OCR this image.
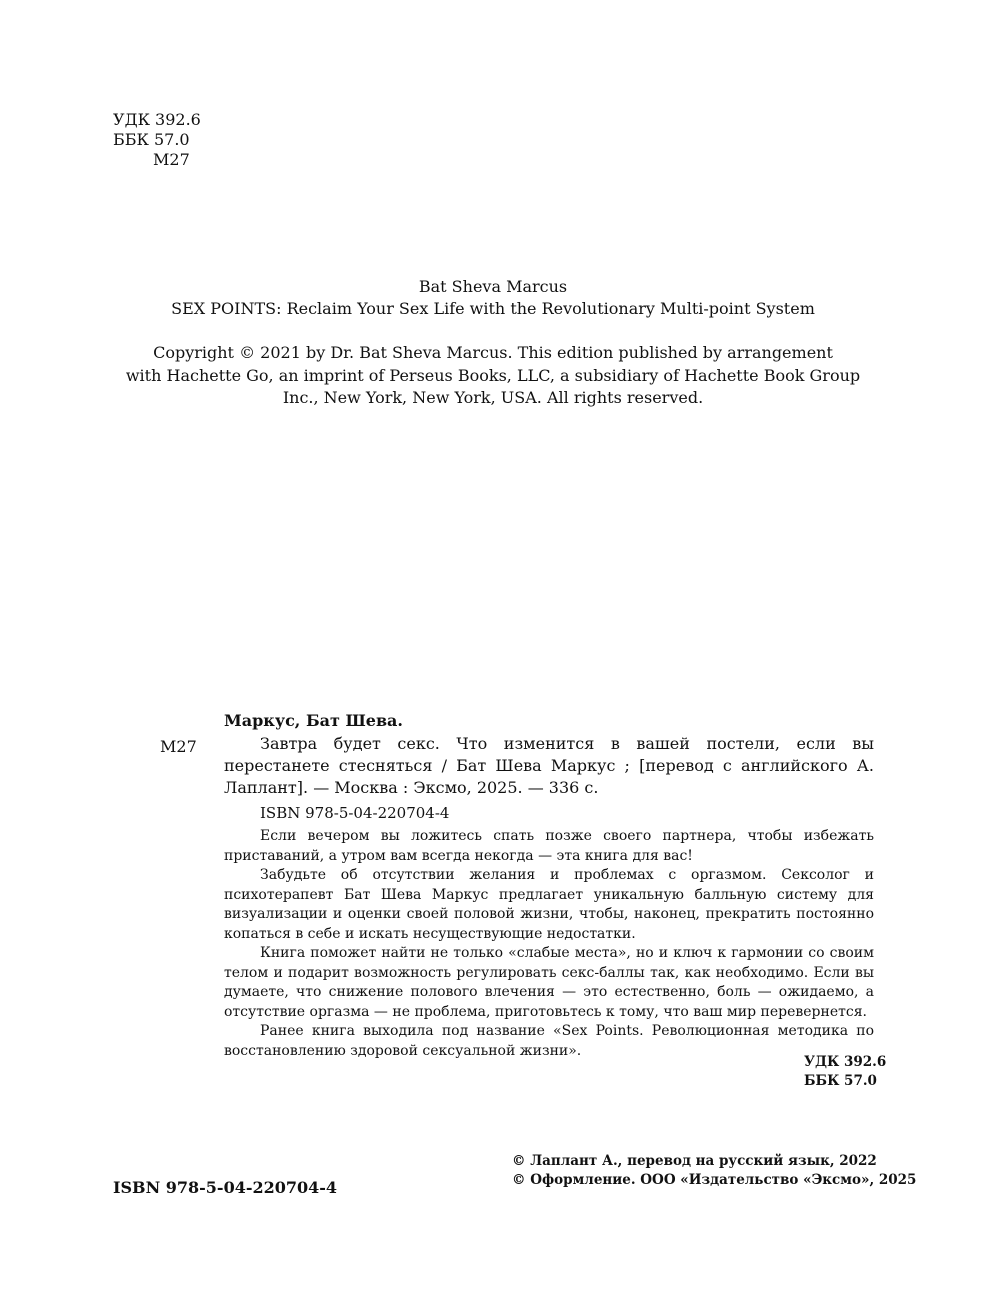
УДК 392.6
ББК 57.0
М27
Bat Sheva Marcus
SEX POINTS: Reclaim Your Sex Life with the Revolutionary Multi-point System
Copyright © 2021 by Dr. Bat Sheva Marcus. This edition published by arrangement
with Hachette Go, an imprint of Perseus Books, LLC, a subsidiary of Hachette Book Group
Inc., New York, New York, USA. All rights reserved.
Маркус, Бат Шева.
М27	Завтра будет секс. Что изменится в вашей постели, если вы перестанете стесняться / Бат Шева Маркус ; [перевод с английского А. Лаплант]. — Москва : Эксмо, 2025. — 336 с.
ISBN 978-5-04-220704-4

Если вечером вы ложитесь спать позже своего партнера, чтобы избежать приставаний, а утром вам всегда некогда — эта книга для вас!

Забудьте об отсутствии желания и проблемах с оргазмом. Сексолог и психотерапевт Бат Шева Маркус предлагает уникальную балльную систему для визуализации и оценки своей половой жизни, чтобы, наконец, прекратить постоянно копаться в себе и искать несуществующие недостатки.

Книга поможет найти не только «слабые места», но и ключ к гармонии со своим телом и подарит возможность регулировать секс-баллы так, как необходимо. Если вы думаете, что снижение полового влечения — это естественно, боль — ожидаемо, а отсутствие оргазма — не проблема, приготовьтесь к тому, что ваш мир перевернется.

Ранее книга выходила под название «Sex Points. Революционная методика по восстановлению здоровой сексуальной жизни».

УДК 392.6
ББК 57.0
ISBN 978-5-04-220704-4
© Лаплант А., перевод на русский язык, 2022
© Оформление. ООО «Издательство «Эксмо», 2025
